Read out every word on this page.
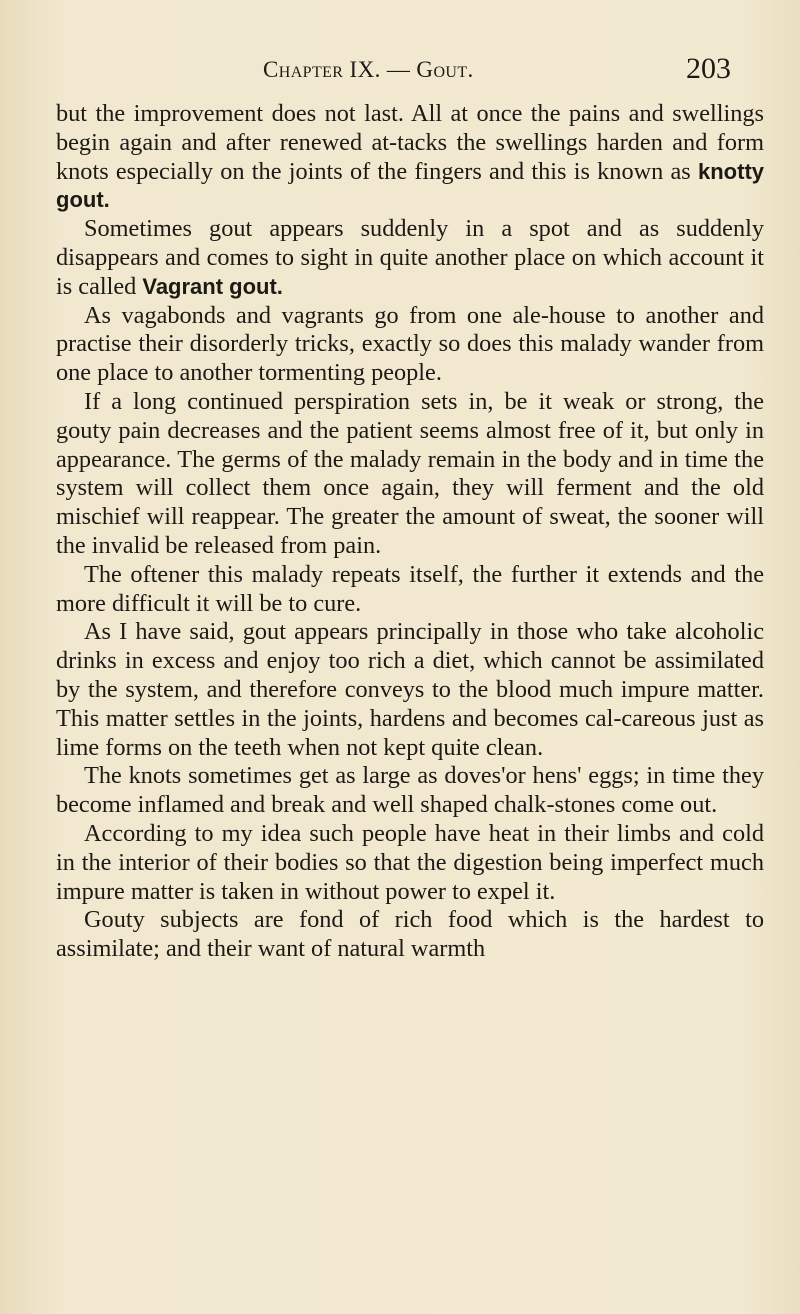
Chapter IX. — Gout.	203

but the improvement does not last. All at once the pains and swellings begin again and after renewed at-tacks the swellings harden and form knots especially on the joints of the fingers and this is known as knotty gout.

Sometimes gout appears suddenly in a spot and as suddenly disappears and comes to sight in quite another place on which account it is called Vagrant gout.

As vagabonds and vagrants go from one ale-house to another and practise their disorderly tricks, exactly so does this malady wander from one place to another tormenting people.

If a long continued perspiration sets in, be it weak or strong, the gouty pain decreases and the patient seems almost free of it, but only in appearance. The germs of the malady remain in the body and in time the system will collect them once again, they will ferment and the old mischief will reappear. The greater the amount of sweat, the sooner will the invalid be released from pain.

The oftener this malady repeats itself, the further it extends and the more difficult it will be to cure.

As I have said, gout appears principally in those who take alcoholic drinks in excess and enjoy too rich a diet, which cannot be assimilated by the system, and therefore conveys to the blood much impure matter. This matter settles in the joints, hardens and becomes cal-careous just as lime forms on the teeth when not kept quite clean.

The knots sometimes get as large as doves'or hens' eggs; in time they become inflamed and break and well shaped chalk-stones come out.

According to my idea such people have heat in their limbs and cold in the interior of their bodies so that the digestion being imperfect much impure matter is taken in without power to expel it.

Gouty subjects are fond of rich food which is the hardest to assimilate; and their want of natural warmth
